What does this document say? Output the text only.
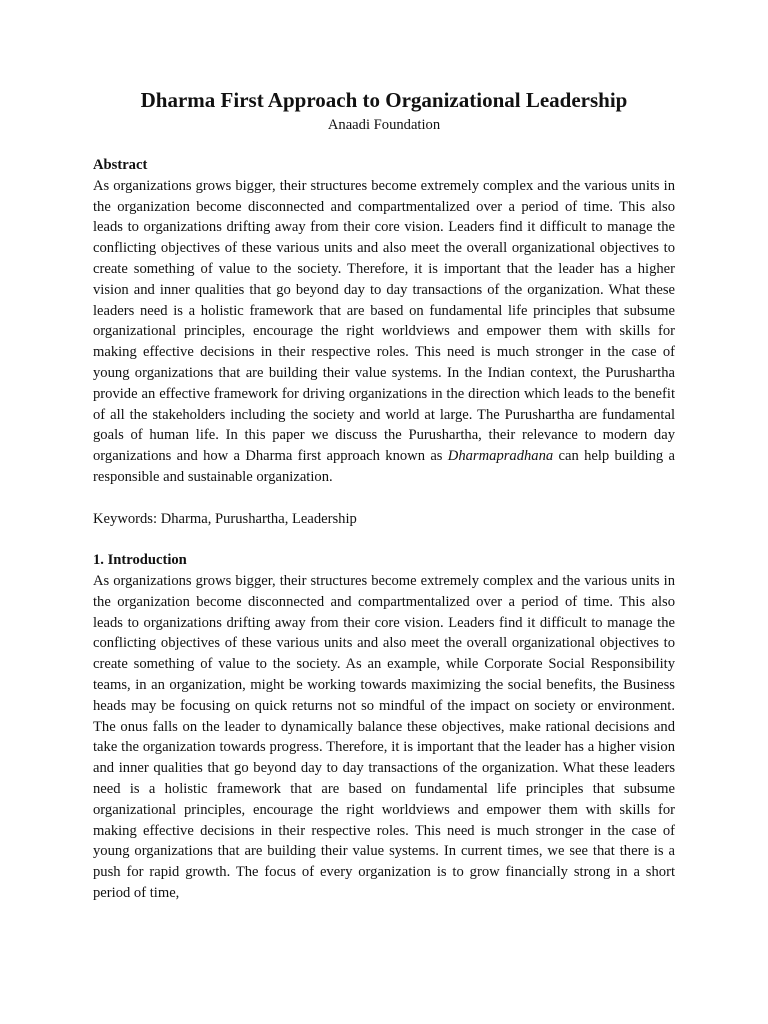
Dharma First Approach to Organizational Leadership

Anaadi Foundation

Abstract

As organizations grows bigger, their structures become extremely complex and the various units in the organization become disconnected and compartmentalized over a period of time. This also leads to organizations drifting away from their core vision. Leaders find it difficult to manage the conflicting objectives of these various units and also meet the overall organizational objectives to create something of value to the society. Therefore, it is important that the leader has a higher vision and inner qualities that go beyond day to day transactions of the organization. What these leaders need is a holistic framework that are based on fundamental life principles that subsume organizational principles, encourage the right worldviews and empower them with skills for making effective decisions in their respective roles. This need is much stronger in the case of young organizations that are building their value systems. In the Indian context, the Purushartha provide an effective framework for driving organizations in the direction which leads to the benefit of all the stakeholders including the society and world at large. The Purushartha are fundamental goals of human life. In this paper we discuss the Purushartha, their relevance to modern day organizations and how a Dharma first approach known as Dharmapradhana can help building a responsible and sustainable organization.

Keywords: Dharma, Purushartha, Leadership

1. Introduction

As organizations grows bigger, their structures become extremely complex and the various units in the organization become disconnected and compartmentalized over a period of time. This also leads to organizations drifting away from their core vision. Leaders find it difficult to manage the conflicting objectives of these various units and also meet the overall organizational objectives to create something of value to the society. As an example, while Corporate Social Responsibility teams, in an organization, might be working towards maximizing the social benefits, the Business heads may be focusing on quick returns not so mindful of the impact on society or environment. The onus falls on the leader to dynamically balance these objectives, make rational decisions and take the organization towards progress. Therefore, it is important that the leader has a higher vision and inner qualities that go beyond day to day transactions of the organization. What these leaders need is a holistic framework that are based on fundamental life principles that subsume organizational principles, encourage the right worldviews and empower them with skills for making effective decisions in their respective roles. This need is much stronger in the case of young organizations that are building their value systems. In current times, we see that there is a push for rapid growth. The focus of every organization is to grow financially strong in a short period of time,
